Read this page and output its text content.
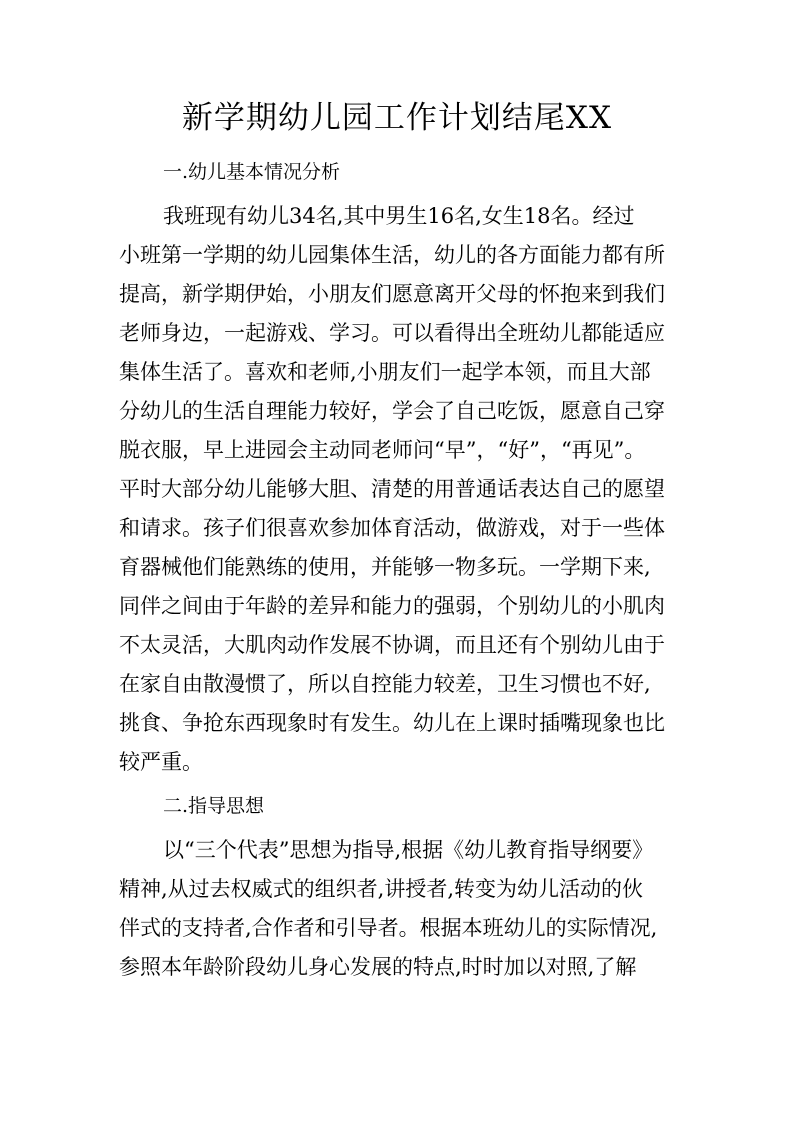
新学期幼儿园工作计划结尾XX
一.幼儿基本情况分析
我班现有幼儿34名,其中男生16名,女生18名。经过
小班第一学期的幼儿园集体生活，幼儿的各方面能力都有所
提高，新学期伊始，小朋友们愿意离开父母的怀抱来到我们
老师身边，一起游戏、学习。可以看得出全班幼儿都能适应
集体生活了。喜欢和老师,小朋友们一起学本领，而且大部
分幼儿的生活自理能力较好，学会了自己吃饭，愿意自己穿
脱衣服，早上进园会主动同老师问“早”，“好”，“再见”。
平时大部分幼儿能够大胆、清楚的用普通话表达自己的愿望
和请求。孩子们很喜欢参加体育活动，做游戏，对于一些体
育器械他们能熟练的使用，并能够一物多玩。一学期下来,
同伴之间由于年龄的差异和能力的强弱，个别幼儿的小肌肉
不太灵活，大肌肉动作发展不协调，而且还有个别幼儿由于
在家自由散漫惯了，所以自控能力较差，卫生习惯也不好,
挑食、争抢东西现象时有发生。幼儿在上课时插嘴现象也比
较严重。
二.指导思想
以“三个代表”思想为指导,根据《幼儿教育指导纲要》
精神,从过去权威式的组织者,讲授者,转变为幼儿活动的伙
伴式的支持者,合作者和引导者。根据本班幼儿的实际情况,
参照本年龄阶段幼儿身心发展的特点,时时加以对照,了解
